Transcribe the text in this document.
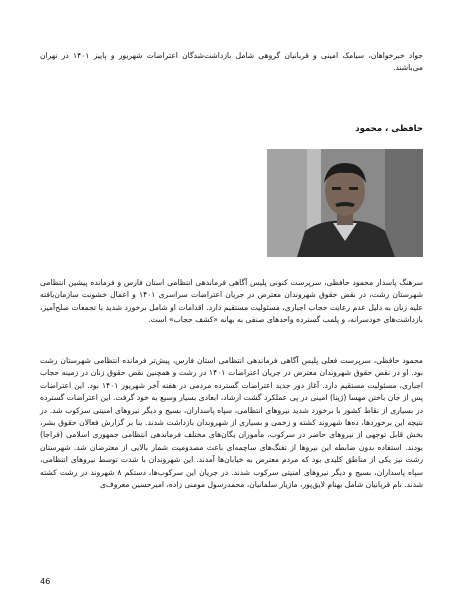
جواد خبرخواهان، سیامک امینی و قربانیان گروهی شامل بازداشت‌شدگان اعتراضات شهریور و پاییز ۱۴۰۱ در تهران می‌باشند.

حافظی ، محمود

سرهنگ پاسدار محمود حافظی، سرپرست کنونی پلیس آگاهی فرماندهی انتظامی استان فارس و فرمانده پیشین انتظامی شهرستان رشت، در نقض حقوق شهروندان معترض در جریان اعتراضات سراسری ۱۴۰۱ و اعمال خشونت سازمان‌یافته علیه زنان به دلیل عدم رعایت حجاب اجباری، مسئولیت مستقیم دارد. اقدامات او شامل برخورد شدید با تجمعات صلح‌آمیز، بازداشت‌های خودسرانه، و پلمب گسترده واحدهای صنفی به بهانه «کشف حجاب» است.

محمود حافظی، سرپرست فعلی پلیس آگاهی فرماندهی انتظامی استان فارس، پیش‌تر فرمانده انتظامی شهرستان رشت بود. او در نقض حقوق شهروندان معترض در جریان اعتراضات ۱۴۰۱ در رشت و همچنین نقض حقوق زنان در زمینه حجاب اجباری، مسئولیت مستقیم دارد. آغاز دور جدید اعتراضات گسترده مردمی در هفته آخر شهریور ۱۴۰۱ بود. این اعتراضات پس از جان باختن مهسا (ژینا) امینی در پی عملکرد گشت ارشاد، ابعادی بسیار وسیع به خود گرفت. این اعتراضات گسترده در بسیاری از نقاط کشور با برخورد شدید نیروهای انتظامی، سپاه پاسداران، بسیج و دیگر نیروهای امنیتی سرکوب شد. در نتیجه این برخوردها، ده‌ها شهروند کشته و زخمی و بسیاری از شهروندان بازداشت شدند. بنا بر گزارش فعالان حقوق بشر، بخش قابل توجهی از نیروهای حاضر در سرکوب، مأموران یگان‌های مختلف فرماندهی انتظامی جمهوری اسلامی (فراجا) بودند. استفاده بدون ضابطه این نیروها از تفنگ‌های ساچمه‌ای باعث مصدومیت شمار بالایی از معترضان شد. شهرستان رشت نیز یکی از مناطق کلیدی بود که مردم معترض به خیابان‌ها آمدند. این شهروندان با شدت توسط نیروهای انتظامی، سپاه پاسداران، بسیج و دیگر نیروهای امنیتی سرکوب شدند. در جریان این سرکوب‌ها، دستکم ۸ شهروند در رشت کشته شدند. نام قربانیان شامل بهنام لایق‌پور، مازیار سلمانیان، محمدرسول مومنی زاده، امیرحسین معروف‌ی

46
